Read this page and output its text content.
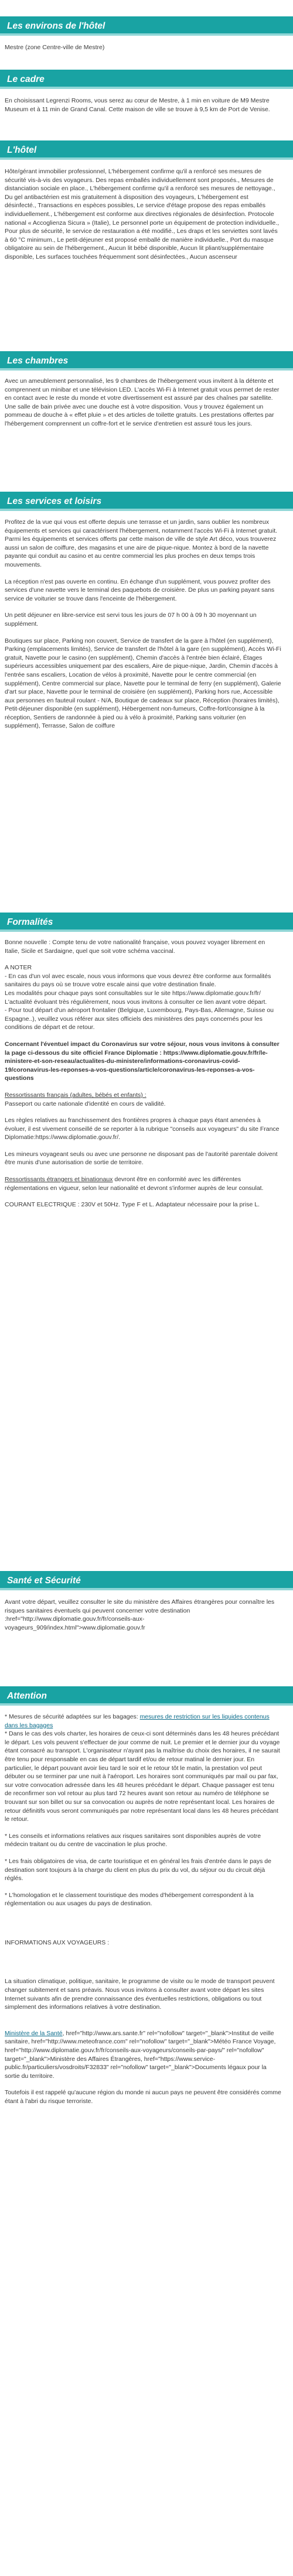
Les environs de l'hôtel

Mestre (zone Centre-ville de Mestre)

Le cadre

En choisissant Legrenzi Rooms, vous serez au cœur de Mestre, à 1 min en voiture de M9 Mestre Museum et à 11 min de Grand Canal. Cette maison de ville se trouve à 9,5 km de Port de Venise.

L'hôtel

Hôte/gérant immobilier professionnel, L'hébergement confirme qu'il a renforcé ses mesures de sécurité vis-à-vis des voyageurs. Des repas emballés individuellement sont proposés., Mesures de distanciation sociale en place., L'hébergement confirme qu'il a renforcé ses mesures de nettoyage., Du gel antibactérien est mis gratuitement à disposition des voyageurs, L'hébergement est désinfecté., Transactions en espèces possibles, Le service d'étage propose des repas emballés individuellement., L'hébergement est conforme aux directives régionales de désinfection. Protocole national « Accoglienza Sicura » (Italie), Le personnel porte un équipement de protection individuelle., Pour plus de sécurité, le service de restauration a été modifié., Les draps et les serviettes sont lavés à 60 °C minimum., Le petit-déjeuner est proposé emballé de manière individuelle., Port du masque obligatoire au sein de l'hébergement., Aucun lit bébé disponible, Aucun lit pliant/supplémentaire disponible, Les surfaces touchées fréquemment sont désinfectées., Aucun ascenseur

Les chambres

Avec un ameublement personnalisé, les 9 chambres de l'hébergement vous invitent à la détente et comprennent un minibar et une télévision LED. L'accès Wi-Fi à Internet gratuit vous permet de rester en contact avec le reste du monde et votre divertissement est assuré par des chaînes par satellite. Une salle de bain privée avec une douche est à votre disposition. Vous y trouvez également un pommeau de douche à « effet pluie » et des articles de toilette gratuits. Les prestations offertes par l'hébergement comprennent un coffre-fort et le service d'entretien est assuré tous les jours.

Les services et loisirs

Profitez de la vue qui vous est offerte depuis une terrasse et un jardin, sans oublier les nombreux équipements et services qui caractérisent l'hébergement, notamment l'accès Wi-Fi à Internet gratuit. Parmi les équipements et services offerts par cette maison de ville de style Art déco, vous trouverez aussi un salon de coiffure, des magasins et une aire de pique-nique. Montez à bord de la navette payante qui conduit au casino et au centre commercial les plus proches en deux temps trois mouvements.

La réception n'est pas ouverte en continu. En échange d'un supplément, vous pouvez profiter des services d'une navette vers le terminal des paquebots de croisière. De plus un parking payant sans service de voiturier se trouve dans l'enceinte de l'hébergement.

Un petit déjeuner en libre-service est servi tous les jours de 07 h 00 à 09 h 30 moyennant un supplément.

Boutiques sur place, Parking non couvert, Service de transfert de la gare à l'hôtel (en supplément), Parking (emplacements limités), Service de transfert de l'hôtel à la gare (en supplément), Accès Wi-Fi gratuit, Navette pour le casino (en supplément), Chemin d'accès à l'entrée bien éclairé, Étages supérieurs accessibles uniquement par des escaliers, Aire de pique-nique, Jardin, Chemin d'accès à l'entrée sans escaliers, Location de vélos à proximité, Navette pour le centre commercial (en supplément), Centre commercial sur place, Navette pour le terminal de ferry (en supplément), Galerie d'art sur place, Navette pour le terminal de croisière (en supplément), Parking hors rue, Accessible aux personnes en fauteuil roulant - N/A, Boutique de cadeaux sur place, Réception (horaires limités), Petit-déjeuner disponible (en supplément), Hébergement non-fumeurs, Coffre-fort/consigne à la réception, Sentiers de randonnée à pied ou à vélo à proximité, Parking sans voiturier (en supplément), Terrasse, Salon de coiffure

Formalités

Bonne nouvelle : Compte tenu de votre nationalité française, vous pouvez voyager librement en Italie, Sicile et Sardaigne, quel que soit votre schéma vaccinal.

A NOTER

- En cas d'un vol avec escale, nous vous informons que vous devrez être conforme aux formalités sanitaires du pays où se trouve votre escale ainsi que votre destination finale.

Les modalités pour chaque pays sont consultables sur le site https://www.diplomatie.gouv.fr/fr/ L'actualité évoluant très régulièrement, nous vous invitons à consulter ce lien avant votre départ.

- Pour tout départ d'un aéroport frontalier (Belgique, Luxembourg, Pays-Bas, Allemagne, Suisse ou Espagne..), veuillez vous référer aux sites officiels des ministères des pays concernés pour les conditions de départ et de retour.

Concernant l'éventuel impact du Coronavirus sur votre séjour, nous vous invitons à consulter la page ci-dessous du site officiel France Diplomatie : https://www.diplomatie.gouv.fr/fr/le-ministere-et-son-reseau/actualites-du-ministere/informations-coronavirus-covid-19/coronavirus-les-reponses-a-vos-questions/article/coronavirus-les-reponses-a-vos-questions

Ressortissants français (adultes, bébés et enfants) :

Passeport ou carte nationale d'identité en cours de validité.

Les règles relatives au franchissement des frontières propres à chaque pays étant amenées à évoluer, il est vivement conseillé de se reporter à la rubrique "conseils aux voyageurs" du site France Diplomatie:https://www.diplomatie.gouv.fr/.

Les mineurs voyageant seuls ou avec une personne ne disposant pas de l'autorité parentale doivent être munis d'une autorisation de sortie de territoire.

Ressortissants étrangers et binationaux devront être en conformité avec les différentes réglementations en vigueur, selon leur nationalité et devront s'informer auprès de leur consulat.

COURANT ELECTRIQUE : 230V et 50Hz. Type F et L. Adaptateur nécessaire pour la prise L.

Santé et Sécurité

Avant votre départ, veuillez consulter le site du ministère des Affaires étrangères pour connaître les risques sanitaires éventuels qui peuvent concerner votre destination :href="http://www.diplomatie.gouv.fr/fr/conseils-aux-voyageurs_909/index.html">www.diplomatie.gouv.fr

Attention

* Mesures de sécurité adaptées sur les bagages: mesures de restriction sur les liquides contenus dans les bagages

* Dans le cas des vols charter, les horaires de ceux-ci sont déterminés dans les 48 heures précédant le départ. Les vols peuvent s'effectuer de jour comme de nuit. Le premier et le dernier jour du voyage étant consacré au transport. L'organisateur n'ayant pas la maîtrise du choix des horaires, il ne saurait être tenu pour responsable en cas de départ tardif et/ou de retour matinal le dernier jour. En particulier, le départ pouvant avoir lieu tard le soir et le retour tôt le matin, la prestation vol peut débuter ou se terminer par une nuit à l'aéroport. Les horaires sont communiqués par mail ou par fax, sur votre convocation adressée dans les 48 heures précédant le départ. Chaque passager est tenu de reconfirmer son vol retour au plus tard 72 heures avant son retour au numéro de téléphone se trouvant sur son billet ou sur sa convocation ou auprès de notre représentant local. Les horaires de retour définitifs vous seront communiqués par notre représentant local dans les 48 heures précédant le retour.

* Les conseils et informations relatives aux risques sanitaires sont disponibles auprès de votre médecin traitant ou du centre de vaccination le plus proche.

* Les frais obligatoires de visa, de carte touristique et en général les frais d'entrée dans le pays de destination sont toujours à la charge du client en plus du prix du vol, du séjour ou du circuit déjà réglés.

* L'homologation et le classement touristique des modes d'hébergement correspondent à la réglementation ou aux usages du pays de destination.

INFORMATIONS AUX VOYAGEURS :

La situation climatique, politique, sanitaire, le programme de visite ou le mode de transport peuvent changer subitement et sans préavis. Nous vous invitons à consulter avant votre départ les sites Internet suivants afin de prendre connaissance des éventuelles restrictions, obligations ou tout simplement des informations relatives à votre destination.

Ministère de la Santé, href="http://www.ars.sante.fr" rel="nofollow" target="_blank">Institut de veille sanitaire, href="http://www.meteofrance.com" rel="nofollow" target="_blank">Météo France Voyage, href="http://www.diplomatie.gouv.fr/fr/conseils-aux-voyageurs/conseils-par-pays/" rel="nofollow" target="_blank">Ministère des Affaires Étrangères, href="https://www.service-public.fr/particuliers/vosdroits/F32833" rel="nofollow" target="_blank">Documents légaux pour la sortie du territoire.

Toutefois il est rappelé qu'aucune région du monde ni aucun pays ne peuvent être considérés comme étant à l'abri du risque terroriste.
